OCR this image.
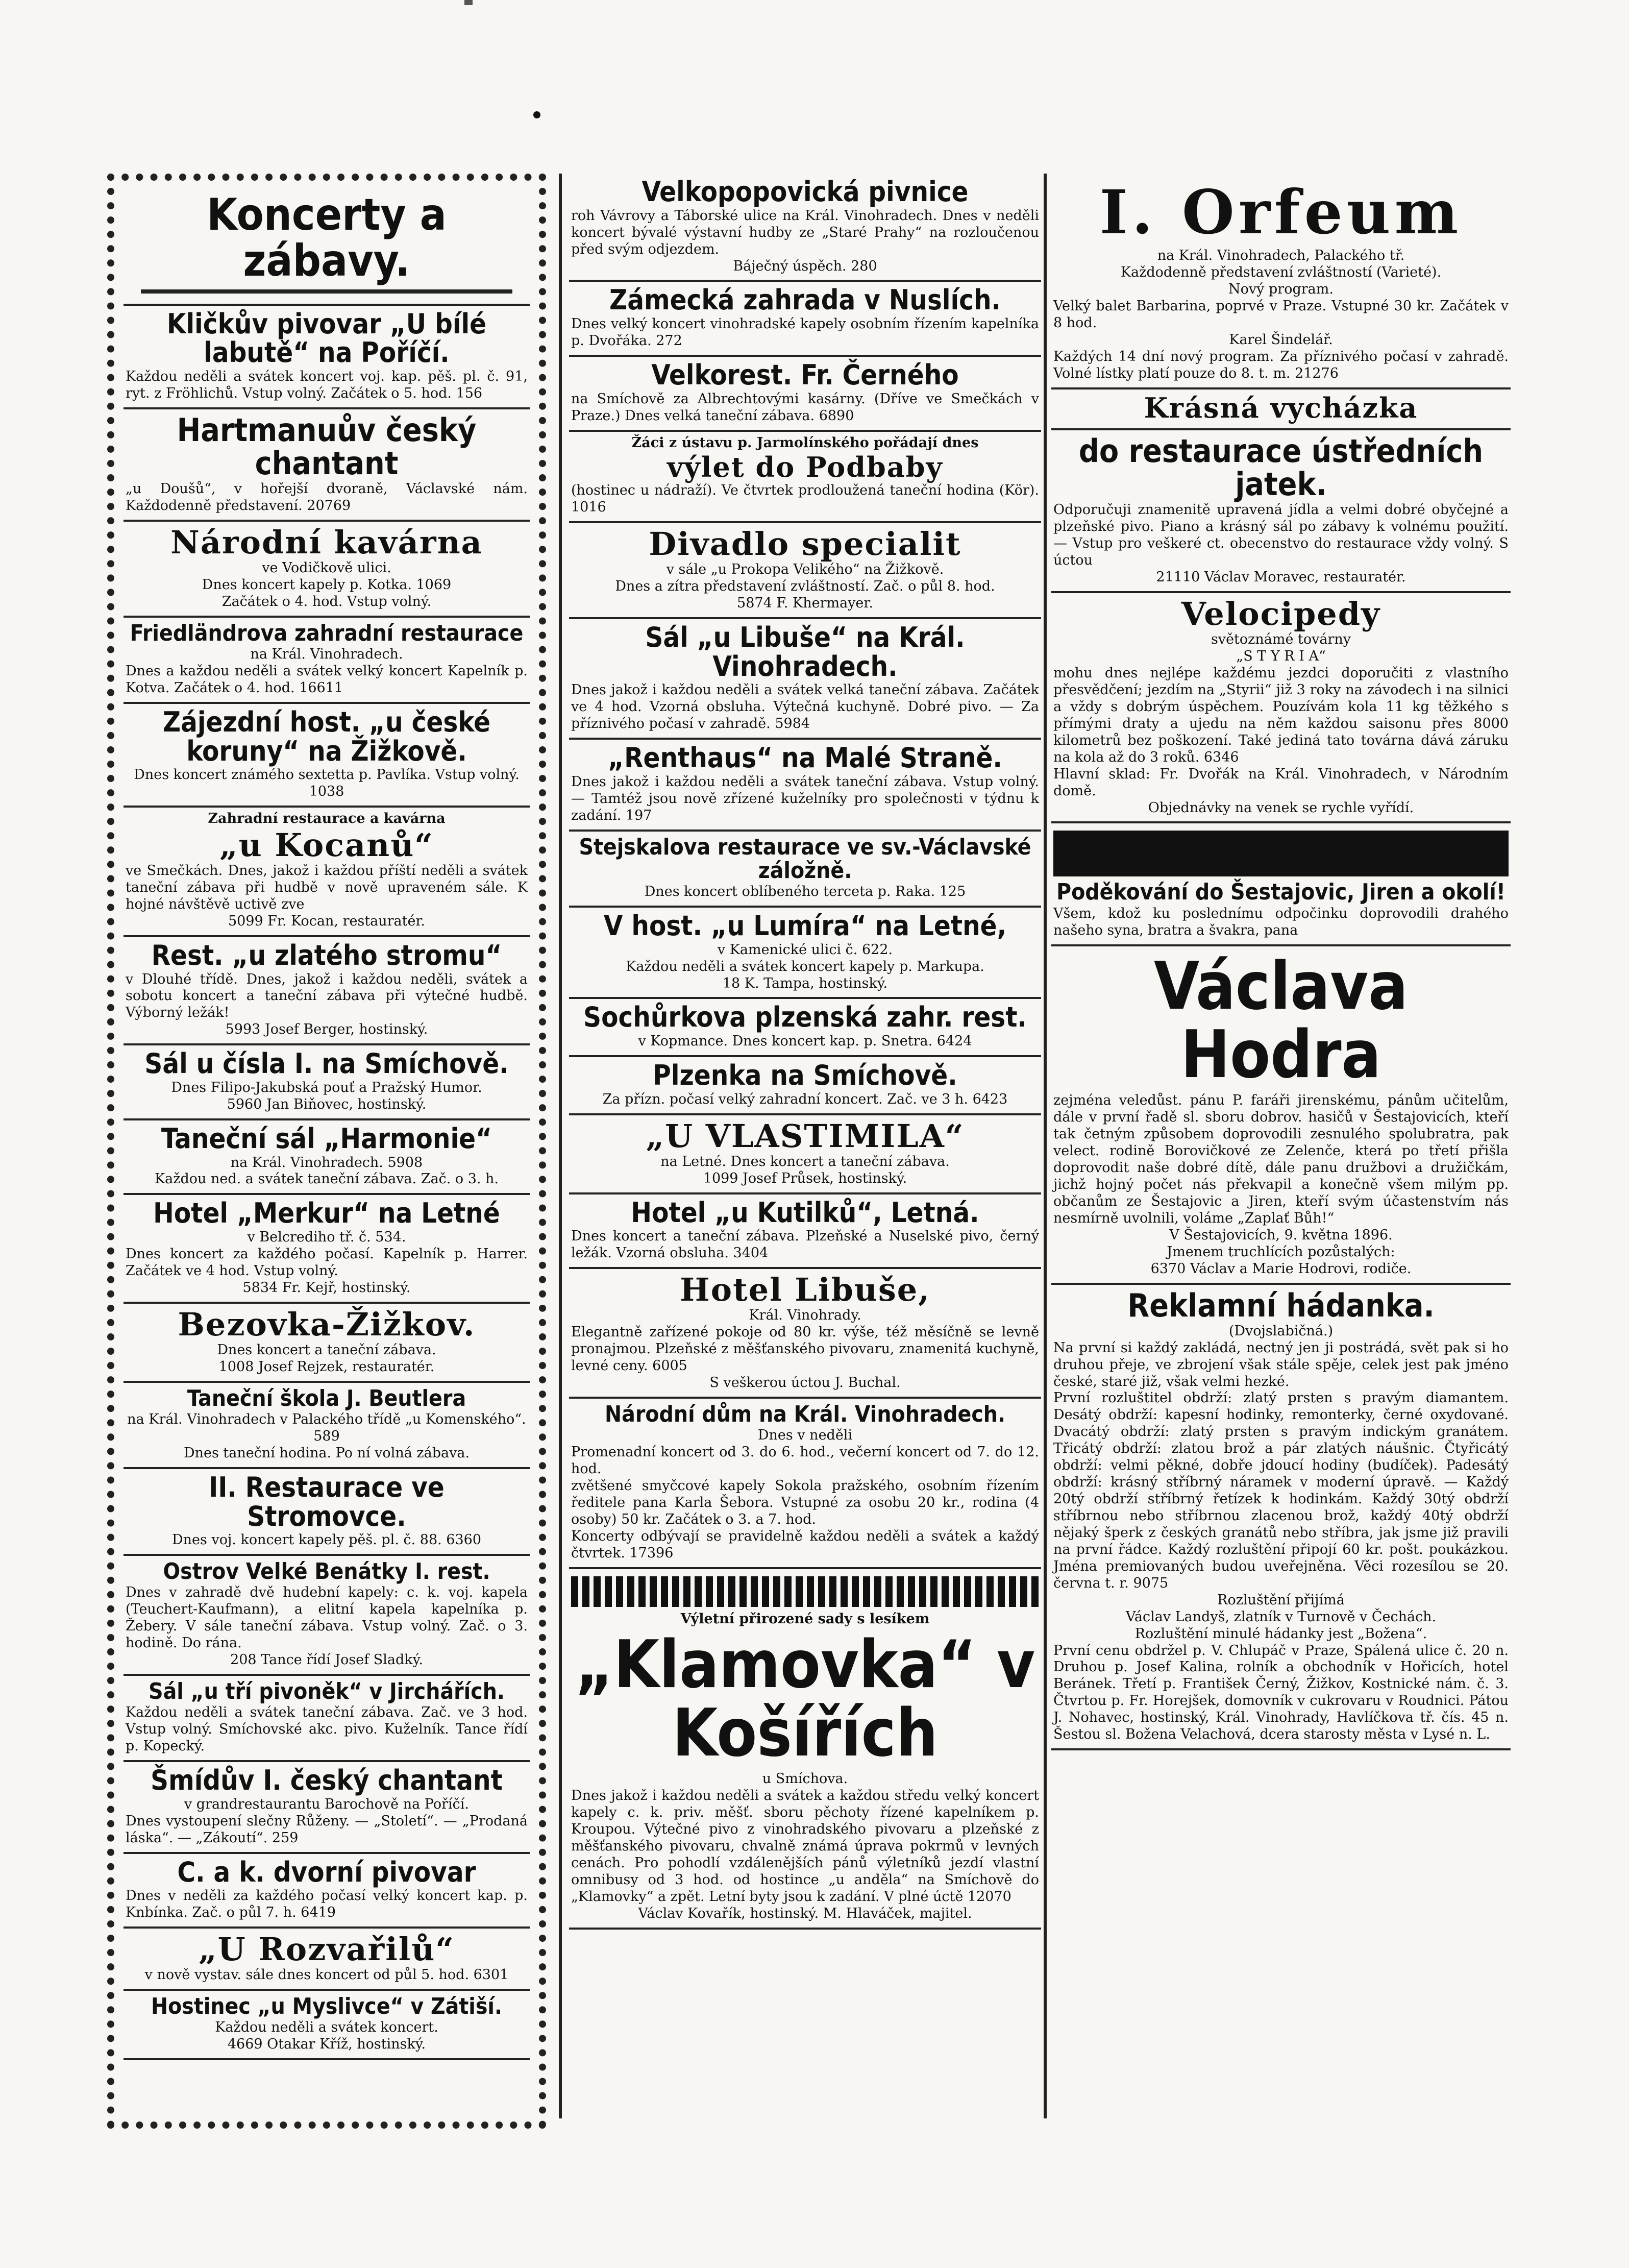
Koncerty a zábavy.
Kličkův pivovar „U bílé labutě“ na Poříčí.

Každou neděli a svátek koncert voj. kap. pěš. pl. č. 91, ryt. z Fröhlichů. Vstup volný. Začátek o 5. hod. 156

Hartmanuův český chantant

„u Doušů“, v hořejší dvoraně, Václavské nám. Každodenně představení. 20769

Národní kavárna

ve Vodičkově ulici.

Dnes koncert kapely p. Kotka. 1069

Začátek o 4. hod. Vstup volný.

Friedländrova zahradní restaurace

na Král. Vinohradech.

Dnes a každou neděli a svátek velký koncert Kapelník p. Kotva. Začátek o 4. hod. 16611

Zájezdní host. „u české koruny“ na Žižkově.

Dnes koncert známého sextetta p. Pavlíka. Vstup volný. 1038

Zahradní restaurace a kavárna

„u Kocanů“

ve Smečkách. Dnes, jakož i každou příští neděli a svátek taneční zábava při hudbě v nově upraveném sále. K hojné návštěvě uctivě zve

5099 Fr. Kocan, restauratér.

Rest. „u zlatého stromu“

v Dlouhé třídě. Dnes, jakož i každou neděli, svátek a sobotu koncert a taneční zábava při výtečné hudbě. Výborný ležák!

5993 Josef Berger, hostinský.

Sál u čísla I. na Smíchově.

Dnes Filipo-Jakubská pouť a Pražský Humor.

5960 Jan Biňovec, hostinský.

Taneční sál „Harmonie“

na Král. Vinohradech. 5908

Každou ned. a svátek taneční zábava. Zač. o 3. h.

Hotel „Merkur“ na Letné

v Belcrediho tř. č. 534.

Dnes koncert za každého počasí. Kapelník p. Harrer. Začátek ve 4 hod. Vstup volný.

5834 Fr. Kejř, hostinský.

Bezovka-Žižkov.

Dnes koncert a taneční zábava.

1008 Josef Rejzek, restauratér.

Taneční škola J. Beutlera

na Král. Vinohradech v Palackého třídě „u Komenského“. 589

Dnes taneční hodina. Po ní volná zábava.

II. Restaurace ve Stromovce.

Dnes voj. koncert kapely pěš. pl. č. 88. 6360

Ostrov Velké Benátky I. rest.

Dnes v zahradě dvě hudební kapely: c. k. voj. kapela (Teuchert-Kaufmann), a elitní kapela kapelníka p. Žebery. V sále taneční zábava. Vstup volný. Zač. o 3. hodině. Do rána.

208 Tance řídí Josef Sladký.

Sál „u tří pivoněk“ v Jirchářích.

Každou neděli a svátek taneční zábava. Zač. ve 3 hod. Vstup volný. Smíchovské akc. pivo. Kuželník. Tance řídí p. Kopecký.

Šmídův I. český chantant

v grandrestaurantu Barochově na Poříčí.

Dnes vystoupení slečny Růženy. — „Století“. — „Prodaná láska“. — „Zákoutí“. 259

C. a k. dvorní pivovar

Dnes v neděli za každého počasí velký koncert kap. p. Knbínka. Zač. o půl 7. h. 6419

„U Rozvařilů“

v nově vystav. sále dnes koncert od půl 5. hod. 6301

Hostinec „u Myslivce“ v Zátiší.

Každou neděli a svátek koncert.

4669 Otakar Kříž, hostinský.

Velkopopovická pivnice

roh Vávrovy a Táborské ulice na Král. Vinohradech. Dnes v neděli koncert bývalé výstavní hudby ze „Staré Prahy“ na rozloučenou před svým odjezdem.

Báječný úspěch. 280

Zámecká zahrada v Nuslích.

Dnes velký koncert vinohradské kapely osobním řízením kapelníka p. Dvořáka. 272

Velkorest. Fr. Černého

na Smíchově za Albrechtovými kasárny. (Dříve ve Smečkách v Praze.) Dnes velká taneční zábava. 6890

Žáci z ústavu p. Jarmolínského pořádají dnes

výlet do Podbaby

(hostinec u nádraží). Ve čtvrtek prodloužená taneční hodina (Kör). 1016

Divadlo specialit

v sále „u Prokopa Velikého“ na Žižkově.

Dnes a zítra představení zvláštností. Zač. o půl 8. hod.

5874 F. Khermayer.

Sál „u Libuše“ na Král. Vinohradech.

Dnes jakož i každou neděli a svátek velká taneční zábava. Začátek ve 4 hod. Vzorná obsluha. Výtečná kuchyně. Dobré pivo. — Za příznivého počasí v zahradě. 5984

„Renthaus“ na Malé Straně.

Dnes jakož i každou neděli a svátek taneční zábava. Vstup volný. — Tamtéž jsou nově zřízené kuželníky pro společnosti v týdnu k zadání. 197

Stejskalova restaurace ve sv.-Václavské záložně.

Dnes koncert oblíbeného terceta p. Raka. 125

V host. „u Lumíra“ na Letné,

v Kamenické ulici č. 622.

Každou neděli a svátek koncert kapely p. Markupa.

18 K. Tampa, hostinský.

Sochůrkova plzenská zahr. rest.

v Kopmance. Dnes koncert kap. p. Snetra. 6424

Plzenka na Smíchově.

Za přízn. počasí velký zahradní koncert. Zač. ve 3 h. 6423

„U VLASTIMILA“

na Letné. Dnes koncert a taneční zábava.

1099 Josef Průsek, hostinský.

Hotel „u Kutilků“, Letná.

Dnes koncert a taneční zábava. Plzeňské a Nuselské pivo, černý ležák. Vzorná obsluha. 3404

Hotel Libuše,

Král. Vinohrady.

Elegantně zařízené pokoje od 80 kr. výše, též měsíčně se levně pronajmou. Plzeňské z měšťanského pivovaru, znamenitá kuchyně, levné ceny. 6005

S veškerou úctou J. Buchal.

Národní dům na Král. Vinohradech.

Dnes v neděli

Promenadní koncert od 3. do 6. hod., večerní koncert od 7. do 12. hod.

zvětšené smyčcové kapely Sokola pražského, osobním řízením ředitele pana Karla Šebora. Vstupné za osobu 20 kr., rodina (4 osoby) 50 kr. Začátek o 3. a 7. hod.

Koncerty odbývají se pravidelně každou neděli a svátek a každý čtvrtek. 17396

Výletní přirozené sady s lesíkem

„Klamovka“ v Košířích

u Smíchova.

Dnes jakož i každou neděli a svátek a každou středu velký koncert kapely c. k. priv. měšť. sboru pěchoty řízené kapelníkem p. Kroupou. Výtečné pivo z vinohradského pivovaru a plzeňské z měšťanského pivovaru, chvalně známá úprava pokrmů v levných cenách. Pro pohodlí vzdálenějších pánů výletníků jezdí vlastní omnibusy od 3 hod. od hostince „u anděla“ na Smíchově do „Klamovky“ a zpět. Letní byty jsou k zadání. V plné úctě 12070

Václav Kovařík, hostinský. M. Hlaváček, majitel.

I. Orfeum

na Král. Vinohradech, Palackého tř.

Každodenně představení zvláštností (Varieté).

Nový program.

Velký balet Barbarina, poprvé v Praze. Vstupné 30 kr. Začátek v 8 hod.

Karel Šindelář.

Každých 14 dní nový program. Za příznivého počasí v zahradě. Volné lístky platí pouze do 8. t. m. 21276

Krásná vycházka
do restaurace ústředních jatek.

Odporučuji znamenitě upravená jídla a velmi dobré obyčejné a plzeňské pivo. Piano a krásný sál po zábavy k volnému použití. — Vstup pro veškeré ct. obecenstvo do restaurace vždy volný. S úctou

21110 Václav Moravec, restauratér.

Velocipedy

světoznámé továrny

„S T Y R I A“

mohu dnes nejlépe každému jezdci doporučiti z vlastního přesvědčení; jezdím na „Styrii“ již 3 roky na závodech i na silnici a vždy s dobrým úspěchem. Pouzívám kola 11 kg těžkého s přímými draty a ujedu na něm každou saisonu přes 8000 kilometrů bez poškození. Také jediná tato továrna dává záruku na kola až do 3 roků. 6346

Hlavní sklad: Fr. Dvořák na Král. Vinohradech, v Národním domě.

Objednávky na venek se rychle vyřídí.

Poděkování do Šestajovic, Jiren a okolí!

Všem, kdož ku poslednímu odpočinku doprovodili drahého našeho syna, bratra a švakra, pana

Václava Hodra

zejména veledůst. pánu P. faráři jirenskému, pánům učitelům, dále v první řadě sl. sboru dobrov. hasičů v Šestajovicích, kteří tak četným způsobem doprovodili zesnulého spolubratra, pak velect. rodině Borovičkové ze Zelenče, která po třetí přišla doprovodit naše dobré dítě, dále panu družbovi a družičkám, jichž hojný počet nás překvapil a konečně všem milým pp. občanům ze Šestajovic a Jiren, kteří svým účastenstvím nás nesmírně uvolnili, voláme „Zaplať Bůh!“

V Šestajovicích, 9. května 1896.

Jmenem truchlících pozůstalých:

6370 Václav a Marie Hodrovi, rodiče.

Reklamní hádanka.

(Dvojslabičná.)

Na první si každý zakládá, nectný jen ji postrádá, svět pak si ho druhou přeje, ve zbrojení však stále spěje, celek jest pak jméno české, staré již, však velmi hezké.

První rozluštitel obdrží: zlatý prsten s pravým diamantem. Desátý obdrží: kapesní hodinky, remonterky, černé oxydované. Dvacátý obdrží: zlatý prsten s pravým indickým granátem. Třicátý obdrží: zlatou brož a pár zlatých náušnic. Čtyřicátý obdrží: velmi pěkné, dobře jdoucí hodiny (budíček). Padesátý obdrží: krásný stříbrný náramek v moderní úpravě. — Každý 20tý obdrží stříbrný řetízek k hodinkám. Každý 30tý obdrží stříbrnou nebo stříbrnou zlacenou brož, každý 40tý obdrží nějaký šperk z českých granátů nebo stříbra, jak jsme již pravili na první řádce. Každý rozluštění připojí 60 kr. pošt. poukázkou. Jména premiovaných budou uveřejněna. Věci rozesílou se 20. června t. r. 9075

Rozluštění přijímá

Václav Landyš, zlatník v Turnově v Čechách.

Rozluštění minulé hádanky jest „Božena“.

První cenu obdržel p. V. Chlupáč v Praze, Spálená ulice č. 20 n. Druhou p. Josef Kalina, rolník a obchodník v Hořicích, hotel Beránek. Třetí p. František Černý, Žižkov, Kostnické nám. č. 3. Čtvrtou p. Fr. Horejšek, domovník v cukrovaru v Roudnici. Pátou J. Nohavec, hostinský, Král. Vinohrady, Havlíčkova tř. čís. 45 n. Šestou sl. Božena Velachová, dcera starosty města v Lysé n. L.
